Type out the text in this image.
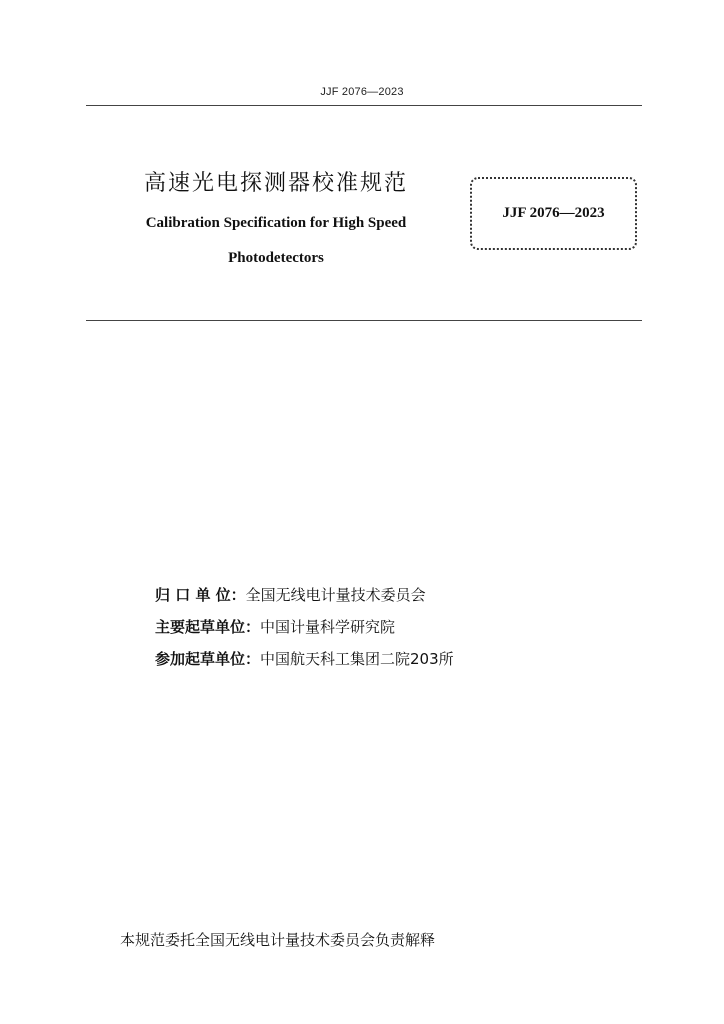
JJF 2076—2023
高速光电探测器校准规范
Calibration Specification for High Speed
Photodetectors
JJF 2076—2023
归 口 单 位： 全国无线电计量技术委员会
主要起草单位： 中国计量科学研究院
参加起草单位： 中国航天科工集团二院203所
本规范委托全国无线电计量技术委员会负责解释
